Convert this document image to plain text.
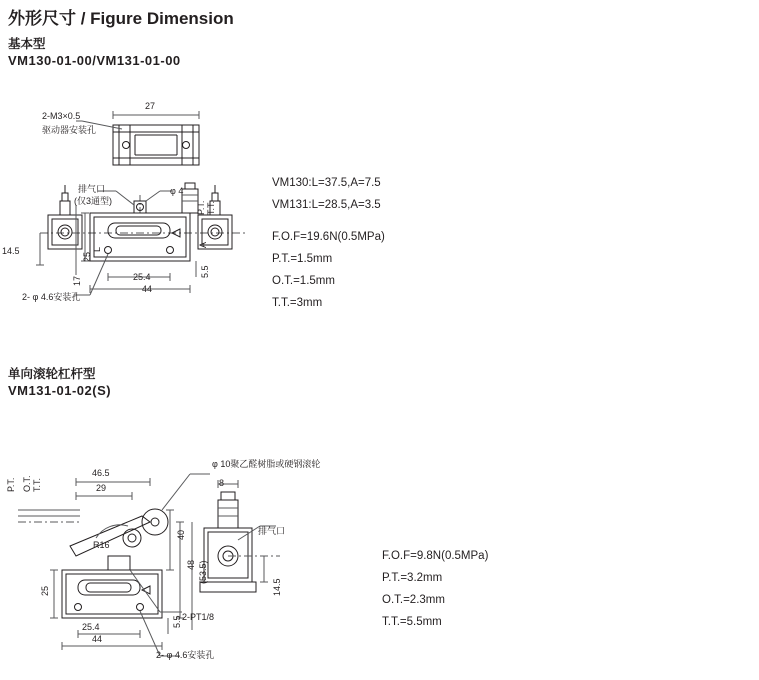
外形尺寸 / Figure Dimension
基本型
VM130-01-00/VM131-01-00
单向滚轮杠杆型
VM131-01-02(S)
VM130:L=37.5,A=7.5
VM131:L=28.5,A=3.5
F.O.F=19.6N(0.5MPa)
P.T.=1.5mm
O.T.=1.5mm
T.T.=3mm
F.O.F=9.8N(0.5MPa)
P.T.=3.2mm
O.T.=2.3mm
T.T.=5.5mm
27
2-M3×0.5
驱动器安装孔
排气口
(仅3通型)
φ 4
P.T. T.T.
L
A
25
17
14.5
25.4
44
5.5
2- φ 4.6安装孔
46.5
29	8
φ 10聚乙醛树脂或硬钢滚轮
排气口
R16
40
48 (53.5)
25
25.4
44
5.5
14.5
2-PT1/8
2- φ 4.6安装孔
P.T. O.T. T.T.
